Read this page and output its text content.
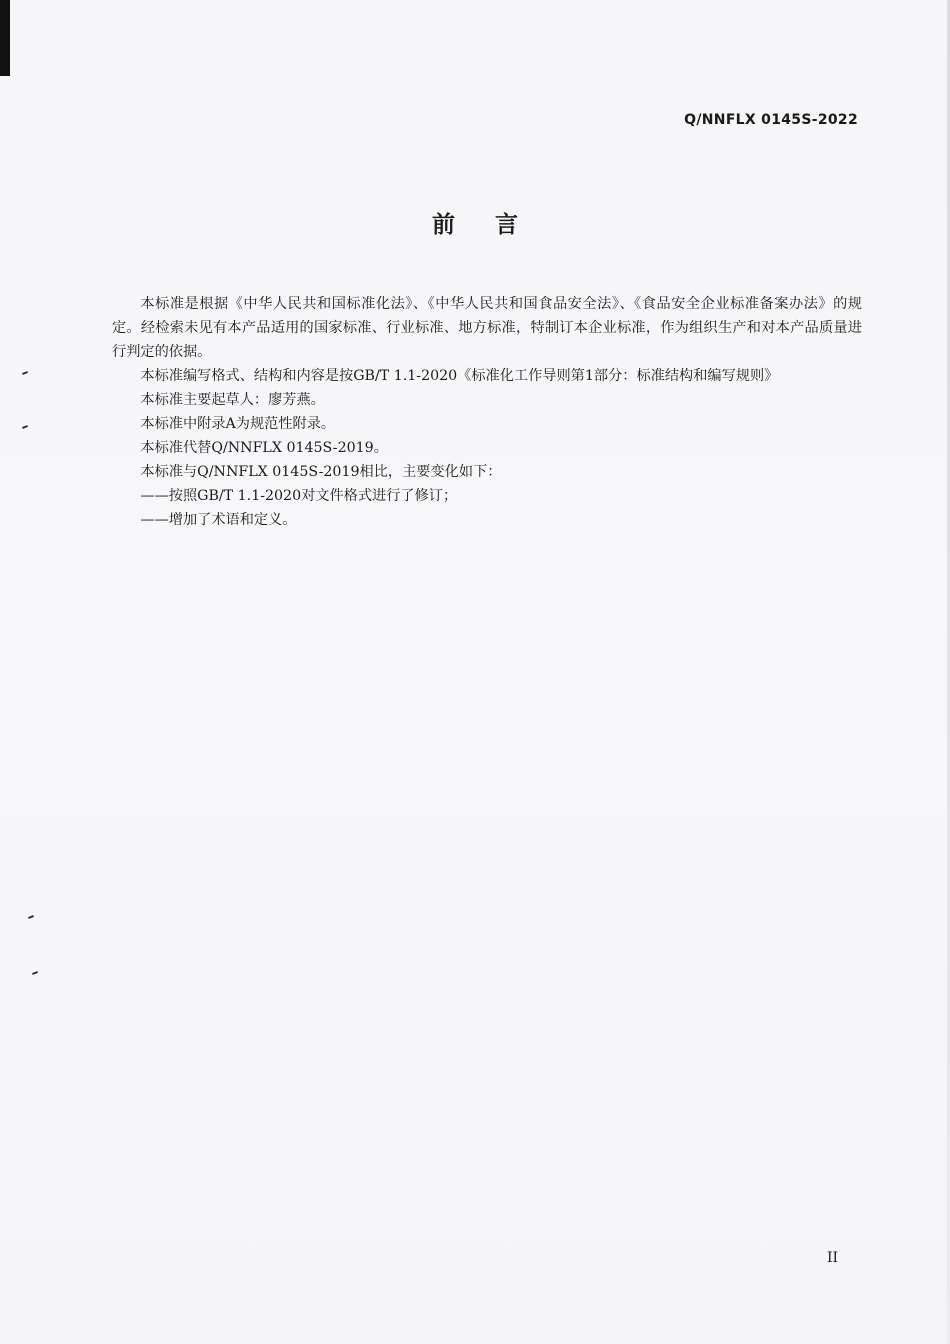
Q/NNFLX 0145S-2022
前言

本标准是根据《中华人民共和国标准化法》、《中华人民共和国食品安全法》、《食品安全企业标准备案办法》的规定。经检索未见有本产品适用的国家标准、行业标准、地方标准，特制订本企业标准，作为组织生产和对本产品质量进行判定的依据。

本标准编写格式、结构和内容是按GB/T 1.1-2020《标准化工作导则第1部分：标准结构和编写规则》

本标准主要起草人：廖芳燕。

本标准中附录A为规范性附录。

本标准代替Q/NNFLX 0145S-2019。

本标准与Q/NNFLX 0145S-2019相比，主要变化如下：

——按照GB/T 1.1-2020对文件格式进行了修订；

——增加了术语和定义。

II
